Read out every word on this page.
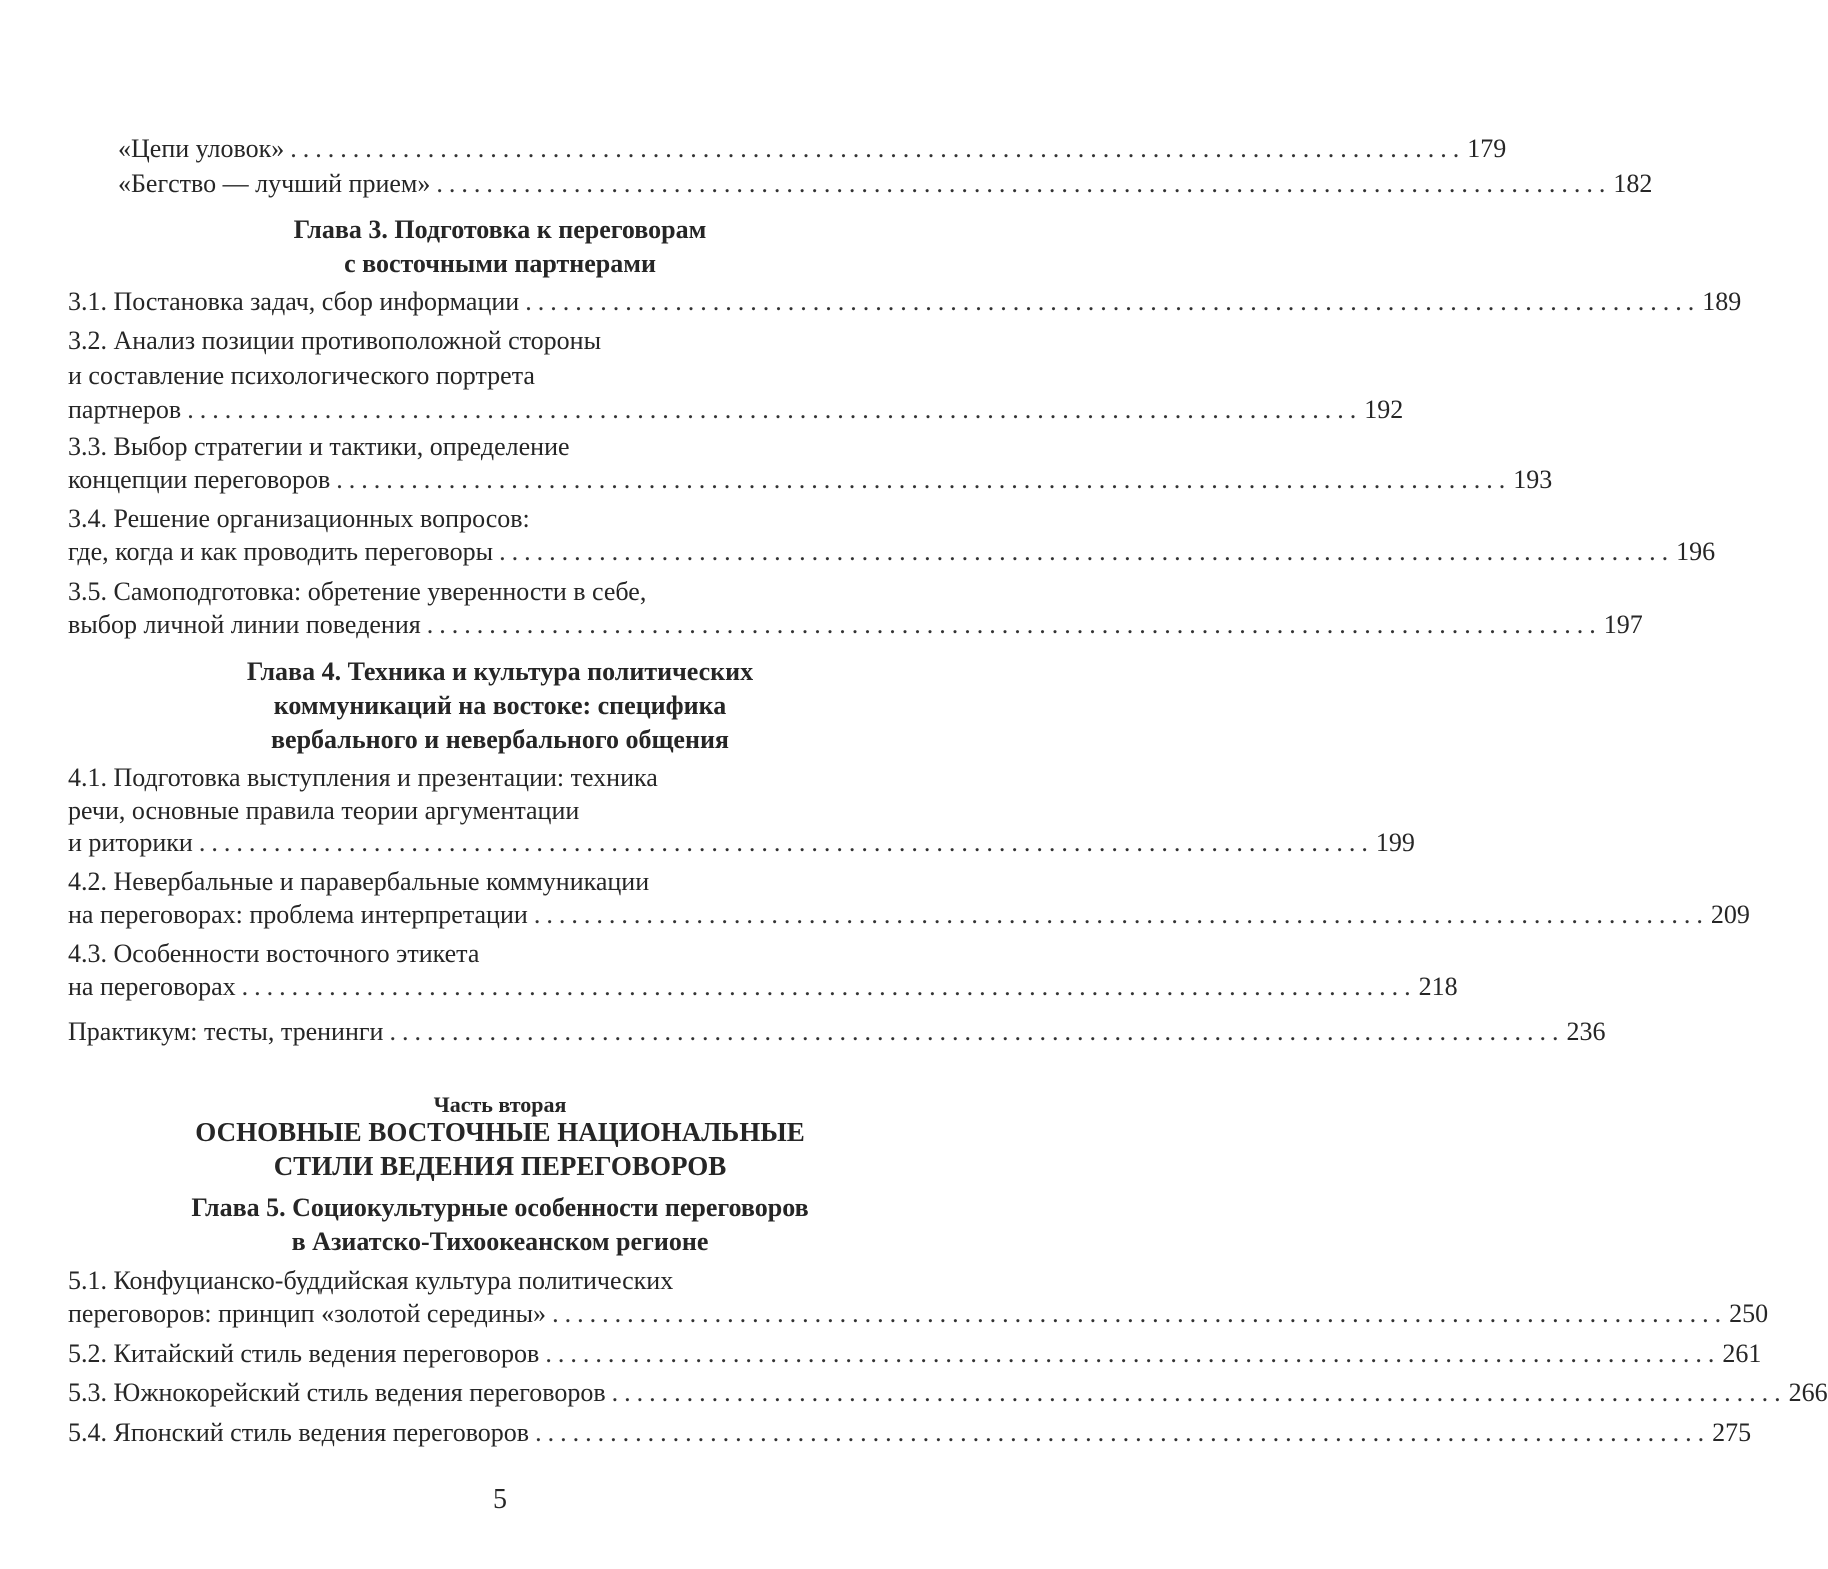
«Цепи уловок» .............................................................................................. 179
«Бегство — лучший прием» .............................................................................................. 182
Глава 3. Подготовка к переговорам
с восточными партнерами
3.1. Постановка задач, сбор информации .............................................................................................. 189
3.2. Анализ позиции противоположной стороны
и составление психологического портрета
партнеров .............................................................................................. 192
3.3. Выбор стратегии и тактики, определение
концепции переговоров .............................................................................................. 193
3.4. Решение организационных вопросов:
где, когда и как проводить переговоры .............................................................................................. 196
3.5. Самоподготовка: обретение уверенности в себе,
выбор личной линии поведения .............................................................................................. 197
Глава 4. Техника и культура политических
коммуникаций на востоке: специфика
вербального и невербального общения
4.1. Подготовка выступления и презентации: техника
речи, основные правила теории аргументации
и риторики .............................................................................................. 199
4.2. Невербальные и паравербальные коммуникации
на переговорах: проблема интерпретации .............................................................................................. 209
4.3. Особенности восточного этикета
на переговорах .............................................................................................. 218
Практикум: тесты, тренинги .............................................................................................. 236
Часть вторая
ОСНОВНЫЕ ВОСТОЧНЫЕ НАЦИОНАЛЬНЫЕ
СТИЛИ ВЕДЕНИЯ ПЕРЕГОВОРОВ
Глава 5. Социокультурные особенности переговоров
в Азиатско-Тихоокеанском регионе
5.1. Конфуцианско-буддийская культура политических
переговоров: принцип «золотой середины» .............................................................................................. 250
5.2. Китайский стиль ведения переговоров .............................................................................................. 261
5.3. Южнокорейский стиль ведения переговоров .............................................................................................. 266
5.4. Японский стиль ведения переговоров .............................................................................................. 275
5
